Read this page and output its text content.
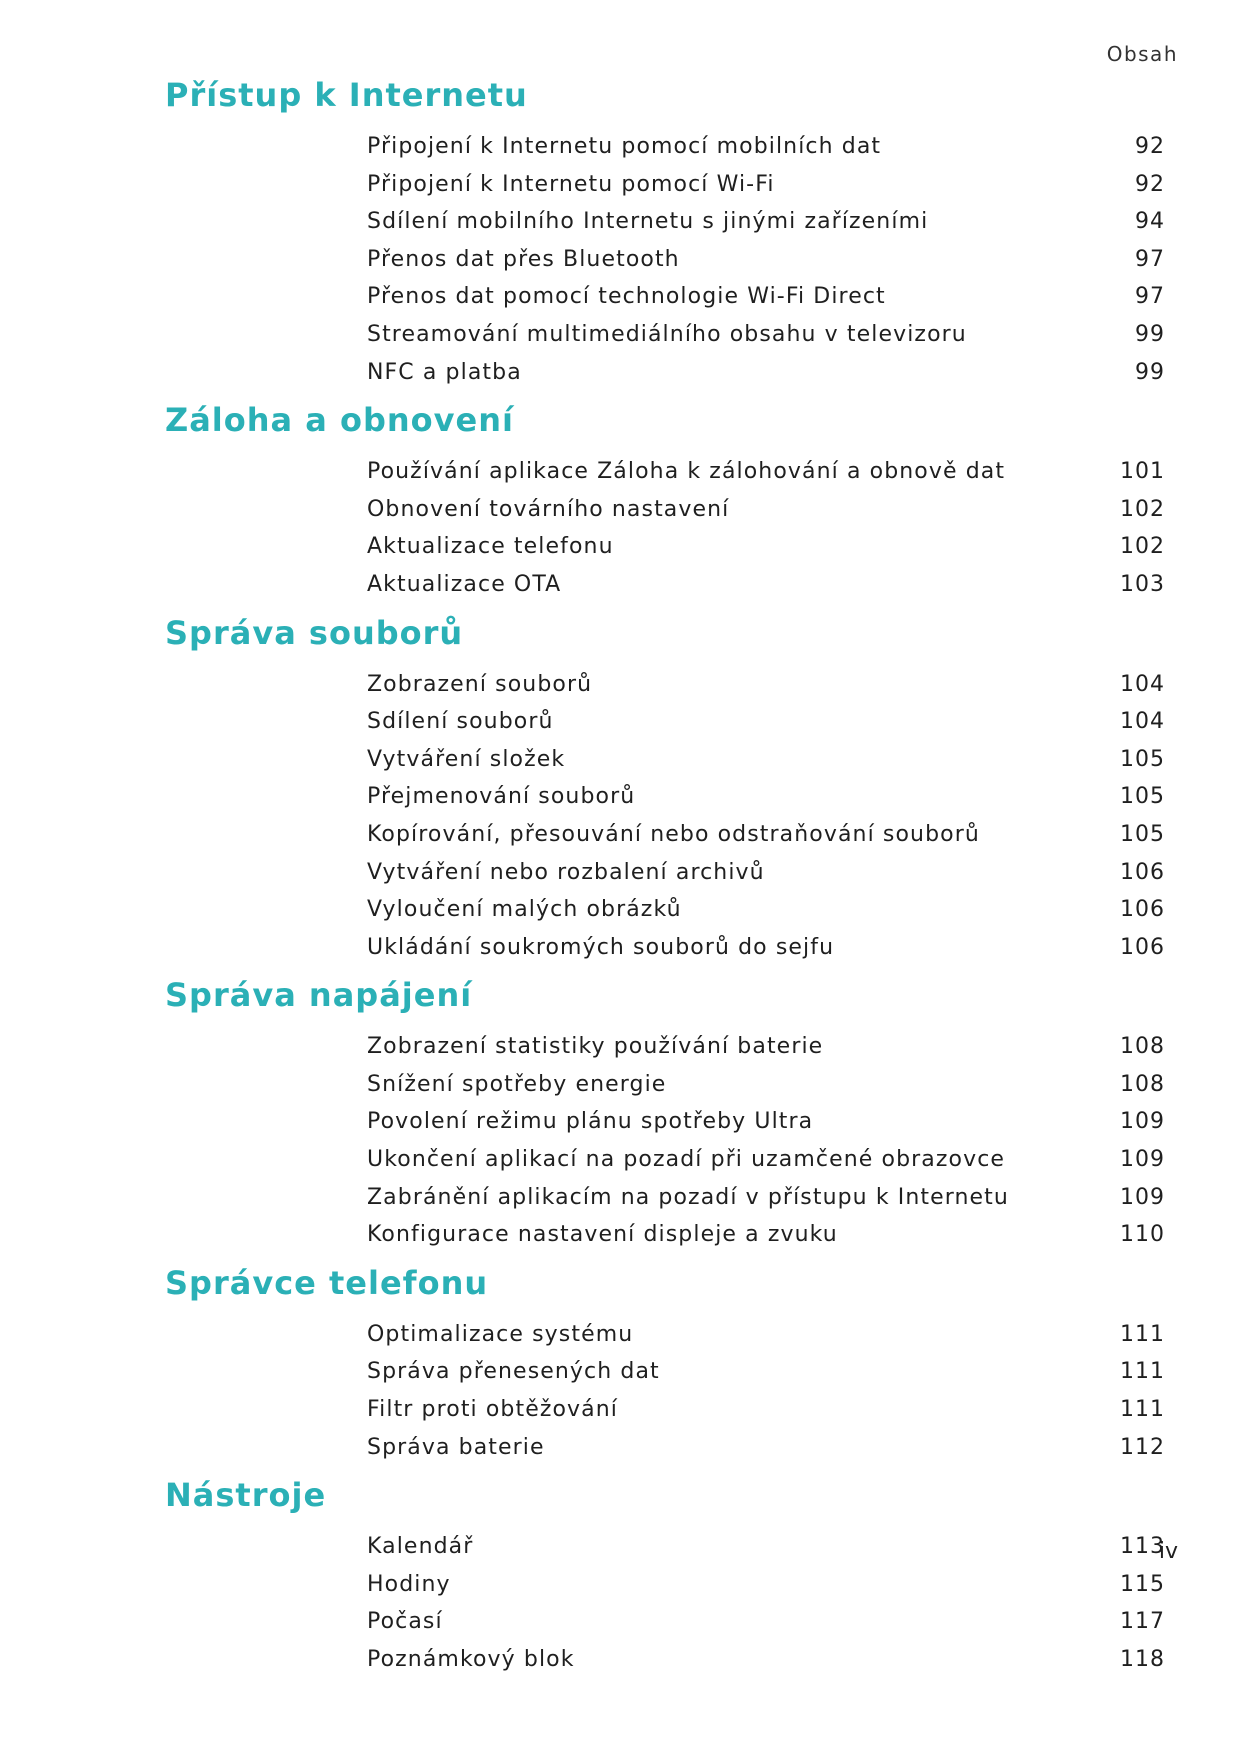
Obsah
Přístup k Internetu
Připojení k Internetu pomocí mobilních dat	92
Připojení k Internetu pomocí Wi-Fi	92
Sdílení mobilního Internetu s jinými zařízeními	94
Přenos dat přes Bluetooth	97
Přenos dat pomocí technologie Wi-Fi Direct	97
Streamování multimediálního obsahu v televizoru	99
NFC a platba	99
Záloha a obnovení
Používání aplikace Záloha k zálohování a obnově dat	101
Obnovení továrního nastavení	102
Aktualizace telefonu	102
Aktualizace OTA	103
Správa souborů
Zobrazení souborů	104
Sdílení souborů	104
Vytváření složek	105
Přejmenování souborů	105
Kopírování, přesouvání nebo odstraňování souborů	105
Vytváření nebo rozbalení archivů	106
Vyloučení malých obrázků	106
Ukládání soukromých souborů do sejfu	106
Správa napájení
Zobrazení statistiky používání baterie	108
Snížení spotřeby energie	108
Povolení režimu plánu spotřeby Ultra	109
Ukončení aplikací na pozadí při uzamčené obrazovce	109
Zabránění aplikacím na pozadí v přístupu k Internetu	109
Konfigurace nastavení displeje a zvuku	110
Správce telefonu
Optimalizace systému	111
Správa přenesených dat	111
Filtr proti obtěžování	111
Správa baterie	112
Nástroje
Kalendář	113
Hodiny	115
Počasí	117
Poznámkový blok	118
iv
